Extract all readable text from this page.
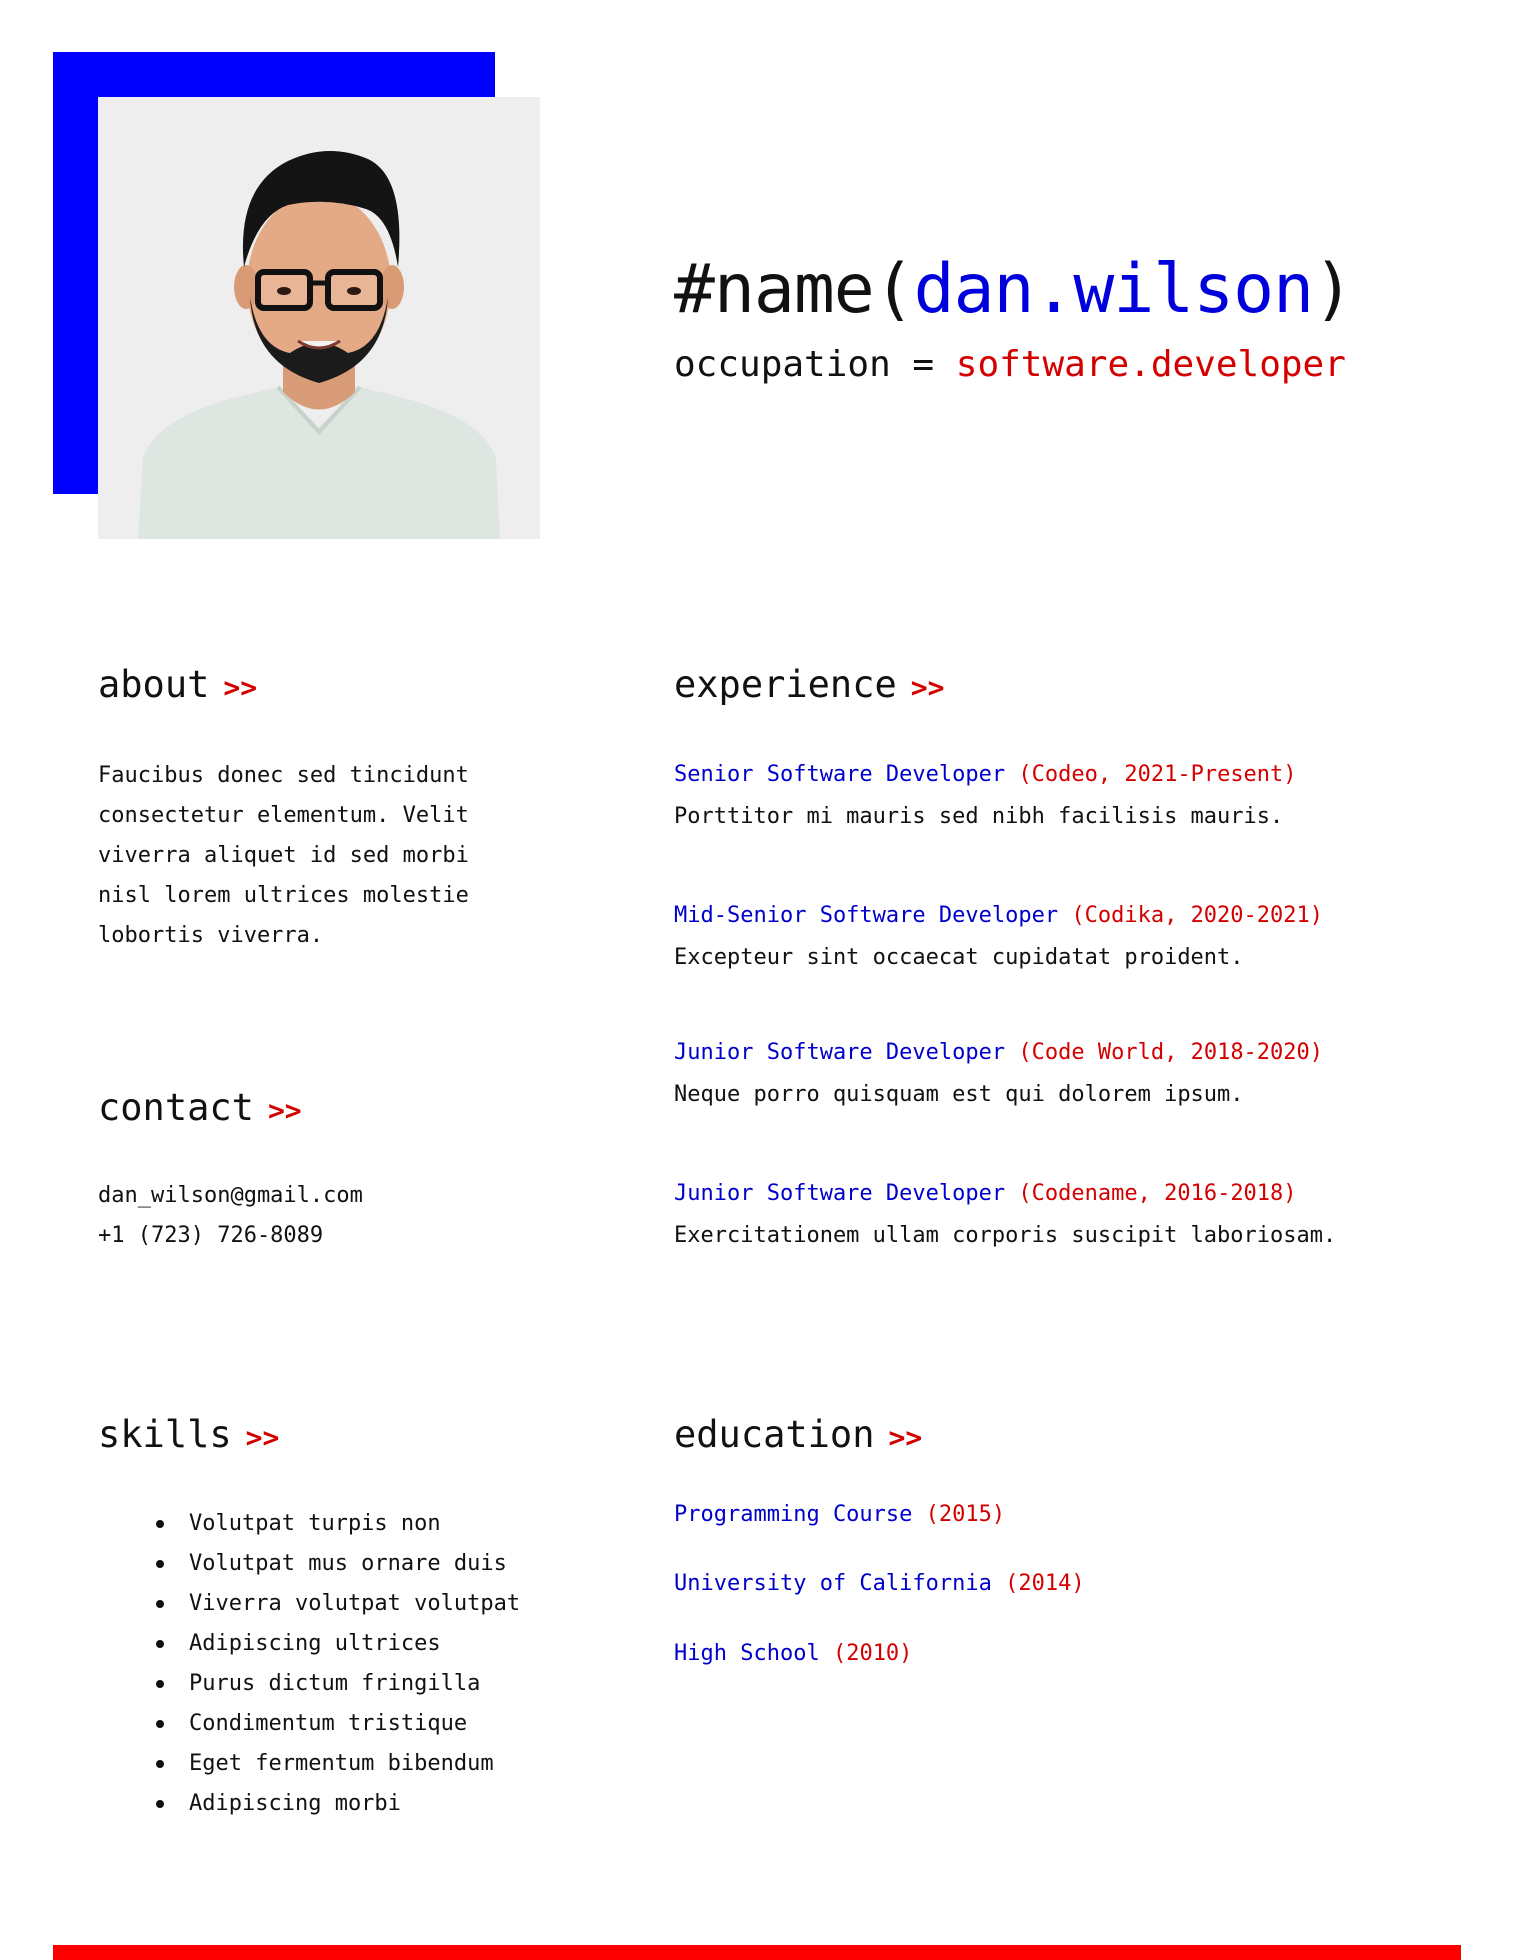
#name(dan.wilson)
occupation = software.developer
about >>
Faucibus donec sed tincidunt
consectetur elementum. Velit
viverra aliquet id sed morbi
nisl lorem ultrices molestie
lobortis viverra.
contact >>
dan_wilson@gmail.com
+1 (723) 726-8089
skills >>
Volutpat turpis non
Volutpat mus ornare duis
Viverra volutpat volutpat
Adipiscing ultrices
Purus dictum fringilla
Condimentum tristique
Eget fermentum bibendum
Adipiscing morbi
experience >>
Senior Software Developer (Codeo, 2021-Present)
Porttitor mi mauris sed nibh facilisis mauris.
Mid-Senior Software Developer (Codika, 2020-2021)
Excepteur sint occaecat cupidatat proident.
Junior Software Developer (Code World, 2018-2020)
Neque porro quisquam est qui dolorem ipsum.
Junior Software Developer (Codename, 2016-2018)
Exercitationem ullam corporis suscipit laboriosam.
education >>
Programming Course (2015)
University of California (2014)
High School (2010)
